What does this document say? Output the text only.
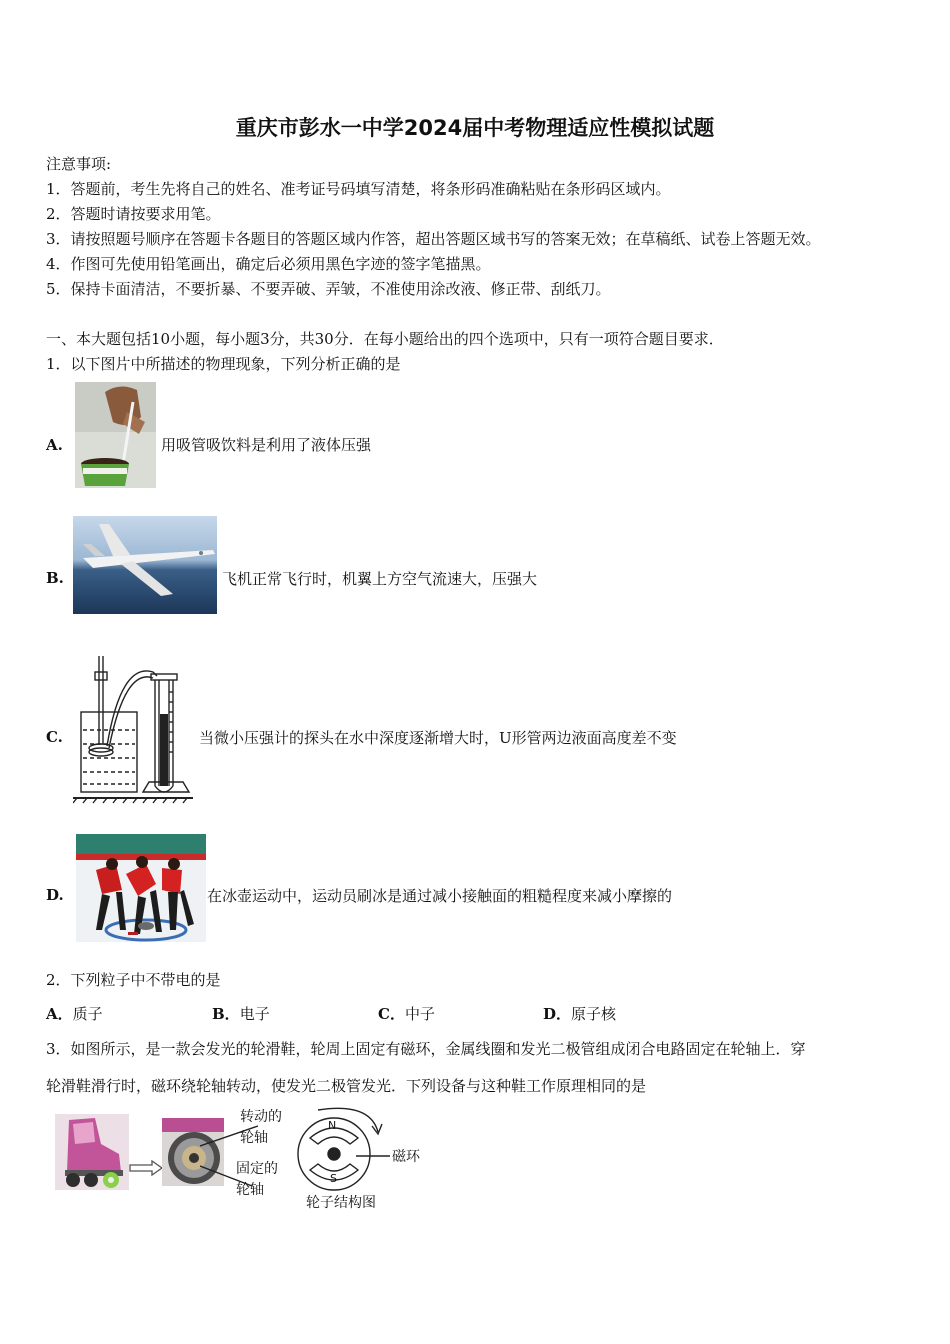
重庆市彭水一中学2024届中考物理适应性模拟试题
注意事项:
1．答题前，考生先将自己的姓名、准考证号码填写清楚，将条形码准确粘贴在条形码区域内。
2．答题时请按要求用笔。
3．请按照题号顺序在答题卡各题目的答题区域内作答，超出答题区域书写的答案无效；在草稿纸、试卷上答题无效。
4．作图可先使用铅笔画出，确定后必须用黑色字迹的签字笔描黑。
5．保持卡面清洁，不要折暴、不要弄破、弄皱，不准使用涂改液、修正带、刮纸刀。
一、本大题包括10小题，每小题3分，共30分．在每小题给出的四个选项中，只有一项符合题目要求．
1．以下图片中所描述的物理现象，下列分析正确的是
A.	用吸管吸饮料是利用了液体压强
B.	飞机正常飞行时，机翼上方空气流速大，压强大
C.	当微小压强计的探头在水中深度逐渐增大时，U形管两边液面高度差不变
D.	在冰壶运动中，运动员刷冰是通过减小接触面的粗糙程度来减小摩擦的
2．下列粒子中不带电的是
A．质子	B．电子	C．中子	D．原子核
3．如图所示，是一款会发光的轮滑鞋，轮周上固定有磁环，金属线圈和发光二极管组成闭合电路固定在轮轴上．穿
轮滑鞋滑行时，磁环绕轮轴转动，使发光二极管发光．下列设备与这种鞋工作原理相同的是
转动的
轮轴
固定的
轮轴
磁环
N
S
轮子结构图
